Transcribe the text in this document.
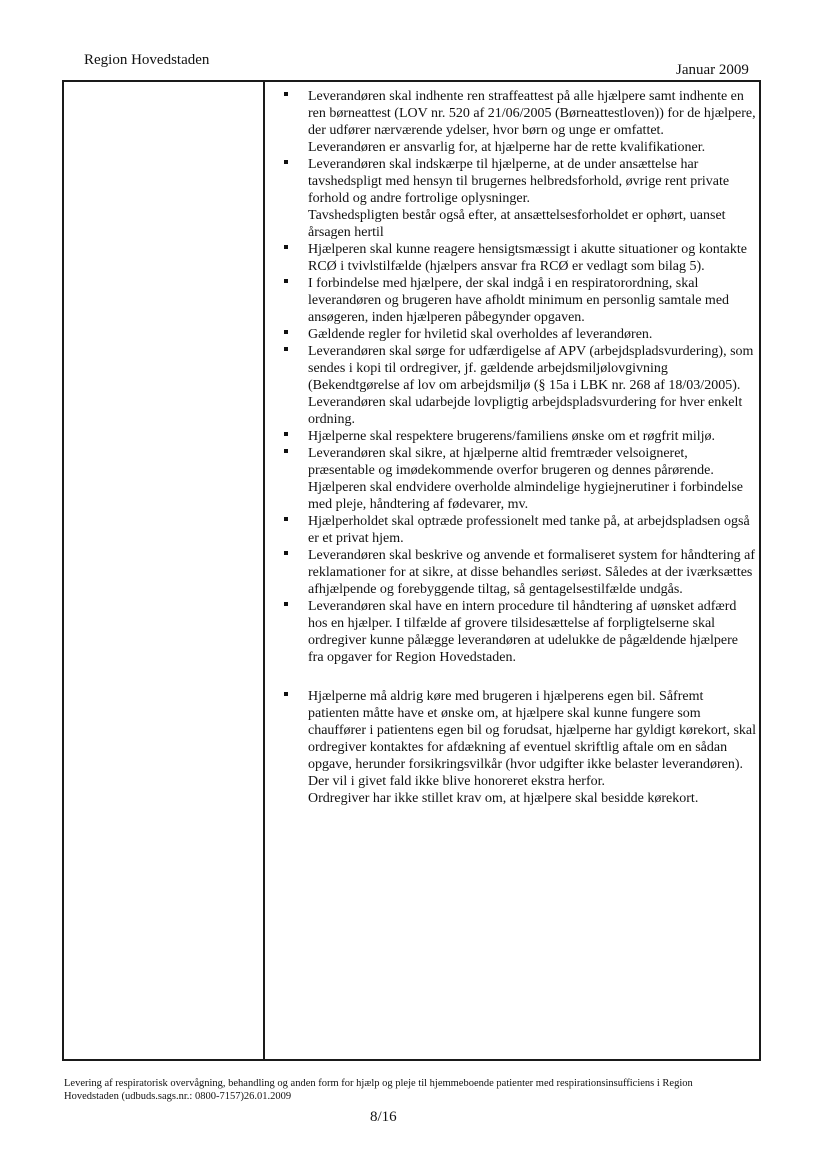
Region Hovedstaden
Januar 2009

Leverandøren skal indhente ren straffeattest på alle hjælpere samt indhente en ren børneattest (LOV nr. 520 af 21/06/2005 (Børneattestloven)) for de hjælpere, der udfører nærværende ydelser, hvor børn og unge er omfattet.

Leverandøren er ansvarlig for, at hjælperne har de rette kvalifikationer.

Leverandøren skal indskærpe til hjælperne, at de under ansættelse har tavshedspligt med hensyn til brugernes helbredsforhold, øvrige rent private forhold og andre fortrolige oplysninger.

Tavshedspligten består også efter, at ansættelsesforholdet er ophørt, uanset årsagen hertil

Hjælperen skal kunne reagere hensigtsmæssigt i akutte situationer og kontakte RCØ i tvivlstilfælde (hjælpers ansvar fra RCØ er vedlagt som bilag 5).

I forbindelse med hjælpere, der skal indgå i en respiratorordning, skal leverandøren og brugeren have afholdt minimum en personlig samtale med ansøgeren, inden hjælperen påbegynder opgaven.

Gældende regler for hviletid skal overholdes af leverandøren.

Leverandøren skal sørge for udfærdigelse af APV (arbejdspladsvurdering), som sendes i kopi til ordregiver, jf. gældende arbejdsmiljølovgivning (Bekendtgørelse af lov om arbejdsmiljø (§ 15a i LBK nr. 268 af 18/03/2005). Leverandøren skal udarbejde lovpligtig arbejdspladsvurdering for hver enkelt ordning.

Hjælperne skal respektere brugerens/familiens ønske om et røgfrit miljø.

Leverandøren skal sikre, at hjælperne altid fremtræder velsoigneret, præsentable og imødekommende overfor brugeren og dennes pårørende. Hjælperen skal endvidere overholde almindelige hygiejnerutiner i forbindelse med pleje, håndtering af fødevarer, mv.

Hjælperholdet skal optræde professionelt med tanke på, at arbejdspladsen også er et privat hjem.

Leverandøren skal beskrive og anvende et formaliseret system for håndtering af reklamationer for at sikre, at disse behandles seriøst. Således at der iværksættes afhjælpende og forebyggende tiltag, så gentagelsestilfælde undgås.

Leverandøren skal have en intern procedure til håndtering af uønsket adfærd hos en hjælper. I tilfælde af grovere tilsidesættelse af forpligtelserne skal ordregiver kunne pålægge leverandøren at udelukke de pågældende hjælpere fra opgaver for Region Hovedstaden.

Hjælperne må aldrig køre med brugeren i hjælperens egen bil. Såfremt patienten måtte have et ønske om, at hjælpere skal kunne fungere som chauffører i patientens egen bil og forudsat, hjælperne har gyldigt kørekort, skal ordregiver kontaktes for afdækning af eventuel skriftlig aftale om en sådan opgave, herunder forsikringsvilkår (hvor udgifter ikke belaster leverandøren).

Der vil i givet fald ikke blive honoreret ekstra herfor.

Ordregiver har ikke stillet krav om, at hjælpere skal besidde kørekort.

Levering af respiratorisk overvågning, behandling og anden form for hjælp og pleje til hjemmeboende patienter med respirationsinsufficiens i Region Hovedstaden (udbuds.sags.nr.: 0800-7157)26.01.2009
8/16
